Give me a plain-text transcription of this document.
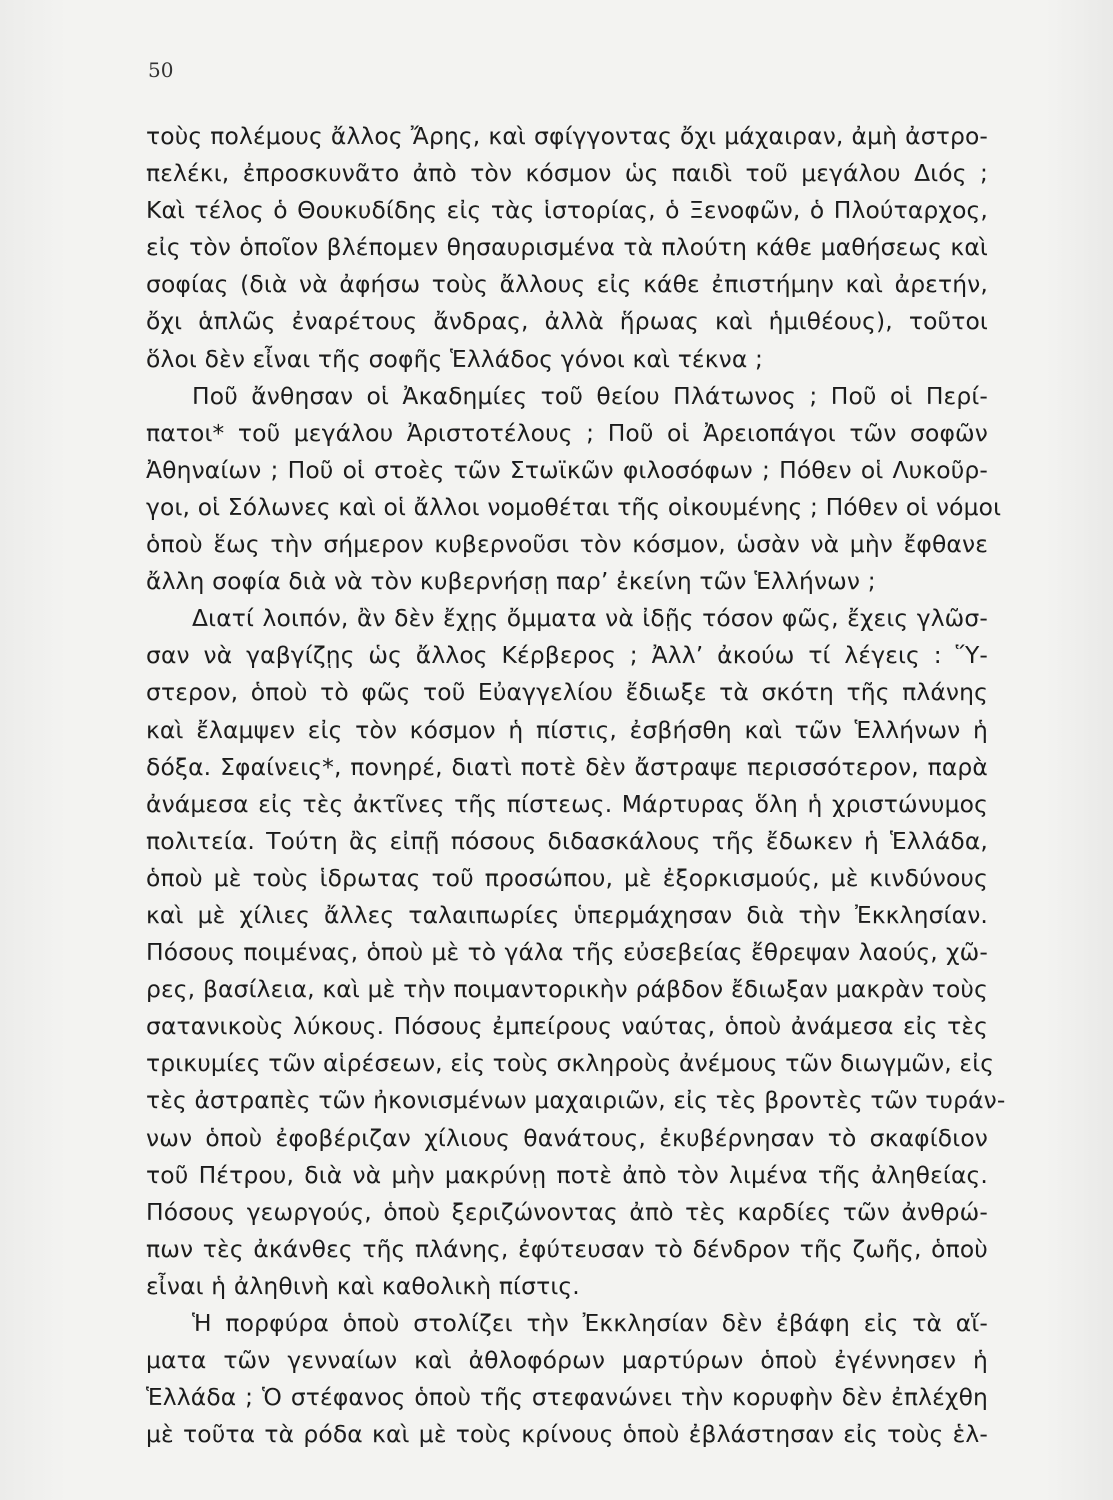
50
τοὺς πολέμους ἄλλος Ἄρης, καὶ σφίγγοντας ὄχι μάχαιραν, ἀμὴ ἀστρο-
πελέκι, ἐπροσκυνᾶτο ἀπὸ τὸν κόσμον ὡς παιδὶ τοῦ μεγάλου Διός ;
Καὶ τέλος ὁ Θουκυδίδης εἰς τὰς ἱστορίας, ὁ Ξενοφῶν, ὁ Πλούταρχος,
εἰς τὸν ὁποῖον βλέπομεν θησαυρισμένα τὰ πλούτη κάθε μαθήσεως καὶ
σοφίας (διὰ νὰ ἀφήσω τοὺς ἄλλους εἰς κάθε ἐπιστήμην καὶ ἀρετήν,
ὄχι ἁπλῶς ἐναρέτους ἄνδρας, ἀλλὰ ἥρωας καὶ ἡμιθέους), τοῦτοι
ὅλοι δὲν εἶναι τῆς σοφῆς Ἑλλάδος γόνοι καὶ τέκνα ;
Ποῦ ἄνθησαν οἱ Ἀκαδημίες τοῦ θείου Πλάτωνος ; Ποῦ οἱ Περί-
πατοι* τοῦ μεγάλου Ἀριστοτέλους ; Ποῦ οἱ Ἀρειοπάγοι τῶν σοφῶν
Ἀθηναίων ; Ποῦ οἱ στοὲς τῶν Στωϊκῶν φιλοσόφων ; Πόθεν οἱ Λυκοῦρ-
γοι, οἱ Σόλωνες καὶ οἱ ἄλλοι νομοθέται τῆς οἰκουμένης ; Πόθεν οἱ νόμοι
ὁποὺ ἕως τὴν σήμερον κυβερνοῦσι τὸν κόσμον, ὡσὰν νὰ μὴν ἔφθανε
ἄλλη σοφία διὰ νὰ τὸν κυβερνήσῃ παρ’ ἐκείνη τῶν Ἑλλήνων ;
Διατί λοιπόν, ἂν δὲν ἔχῃς ὄμματα νὰ ἰδῇς τόσον φῶς, ἔχεις γλῶσ-
σαν νὰ γαβγίζῃς ὡς ἄλλος Κέρβερος ; Ἀλλ’ ἀκούω τί λέγεις : Ὕ-
στερον, ὁποὺ τὸ φῶς τοῦ Εὐαγγελίου ἔδιωξε τὰ σκότη τῆς πλάνης
καὶ ἔλαμψεν εἰς τὸν κόσμον ἡ πίστις, ἐσβήσθη καὶ τῶν Ἑλλήνων ἡ
δόξα. Σφαίνεις*, πονηρέ, διατὶ ποτὲ δὲν ἄστραψε περισσότερον, παρὰ
ἀνάμεσα εἰς τὲς ἀκτῖνες τῆς πίστεως. Μάρτυρας ὅλη ἡ χριστώνυμος
πολιτεία. Τούτη ἂς εἰπῇ πόσους διδασκάλους τῆς ἔδωκεν ἡ Ἑλλάδα,
ὁποὺ μὲ τοὺς ἱδρωτας τοῦ προσώπου, μὲ ἐξορκισμούς, μὲ κινδύνους
καὶ μὲ χίλιες ἄλλες ταλαιπωρίες ὑπερμάχησαν διὰ τὴν Ἐκκλησίαν.
Πόσους ποιμένας, ὁποὺ μὲ τὸ γάλα τῆς εὐσεβείας ἔθρεψαν λαούς, χῶ-
ρες, βασίλεια, καὶ μὲ τὴν ποιμαντορικὴν ράβδον ἔδιωξαν μακρὰν τοὺς
σατανικοὺς λύκους. Πόσους ἐμπείρους ναύτας, ὁποὺ ἀνάμεσα εἰς τὲς
τρικυμίες τῶν αἱρέσεων, εἰς τοὺς σκληροὺς ἀνέμους τῶν διωγμῶν, εἰς
τὲς ἀστραπὲς τῶν ἠκονισμένων μαχαιριῶν, εἰς τὲς βροντὲς τῶν τυράν-
νων ὁποὺ ἐφοβέριζαν χίλιους θανάτους, ἐκυβέρνησαν τὸ σκαφίδιον
τοῦ Πέτρου, διὰ νὰ μὴν μακρύνῃ ποτὲ ἀπὸ τὸν λιμένα τῆς ἀληθείας.
Πόσους γεωργούς, ὁποὺ ξεριζώνοντας ἀπὸ τὲς καρδίες τῶν ἀνθρώ-
πων τὲς ἀκάνθες τῆς πλάνης, ἐφύτευσαν τὸ δένδρον τῆς ζωῆς, ὁποὺ
εἶναι ἡ ἀληθινὴ καὶ καθολικὴ πίστις.
Ἡ πορφύρα ὁποὺ στολίζει τὴν Ἐκκλησίαν δὲν ἐβάφη εἰς τὰ αἵ-
ματα τῶν γενναίων καὶ ἀθλοφόρων μαρτύρων ὁποὺ ἐγέννησεν ἡ
Ἑλλάδα ; Ὁ στέφανος ὁποὺ τῆς στεφανώνει τὴν κορυφὴν δὲν ἐπλέχθη
μὲ τοῦτα τὰ ρόδα καὶ μὲ τοὺς κρίνους ὁποὺ ἐβλάστησαν εἰς τοὺς ἑλ-
